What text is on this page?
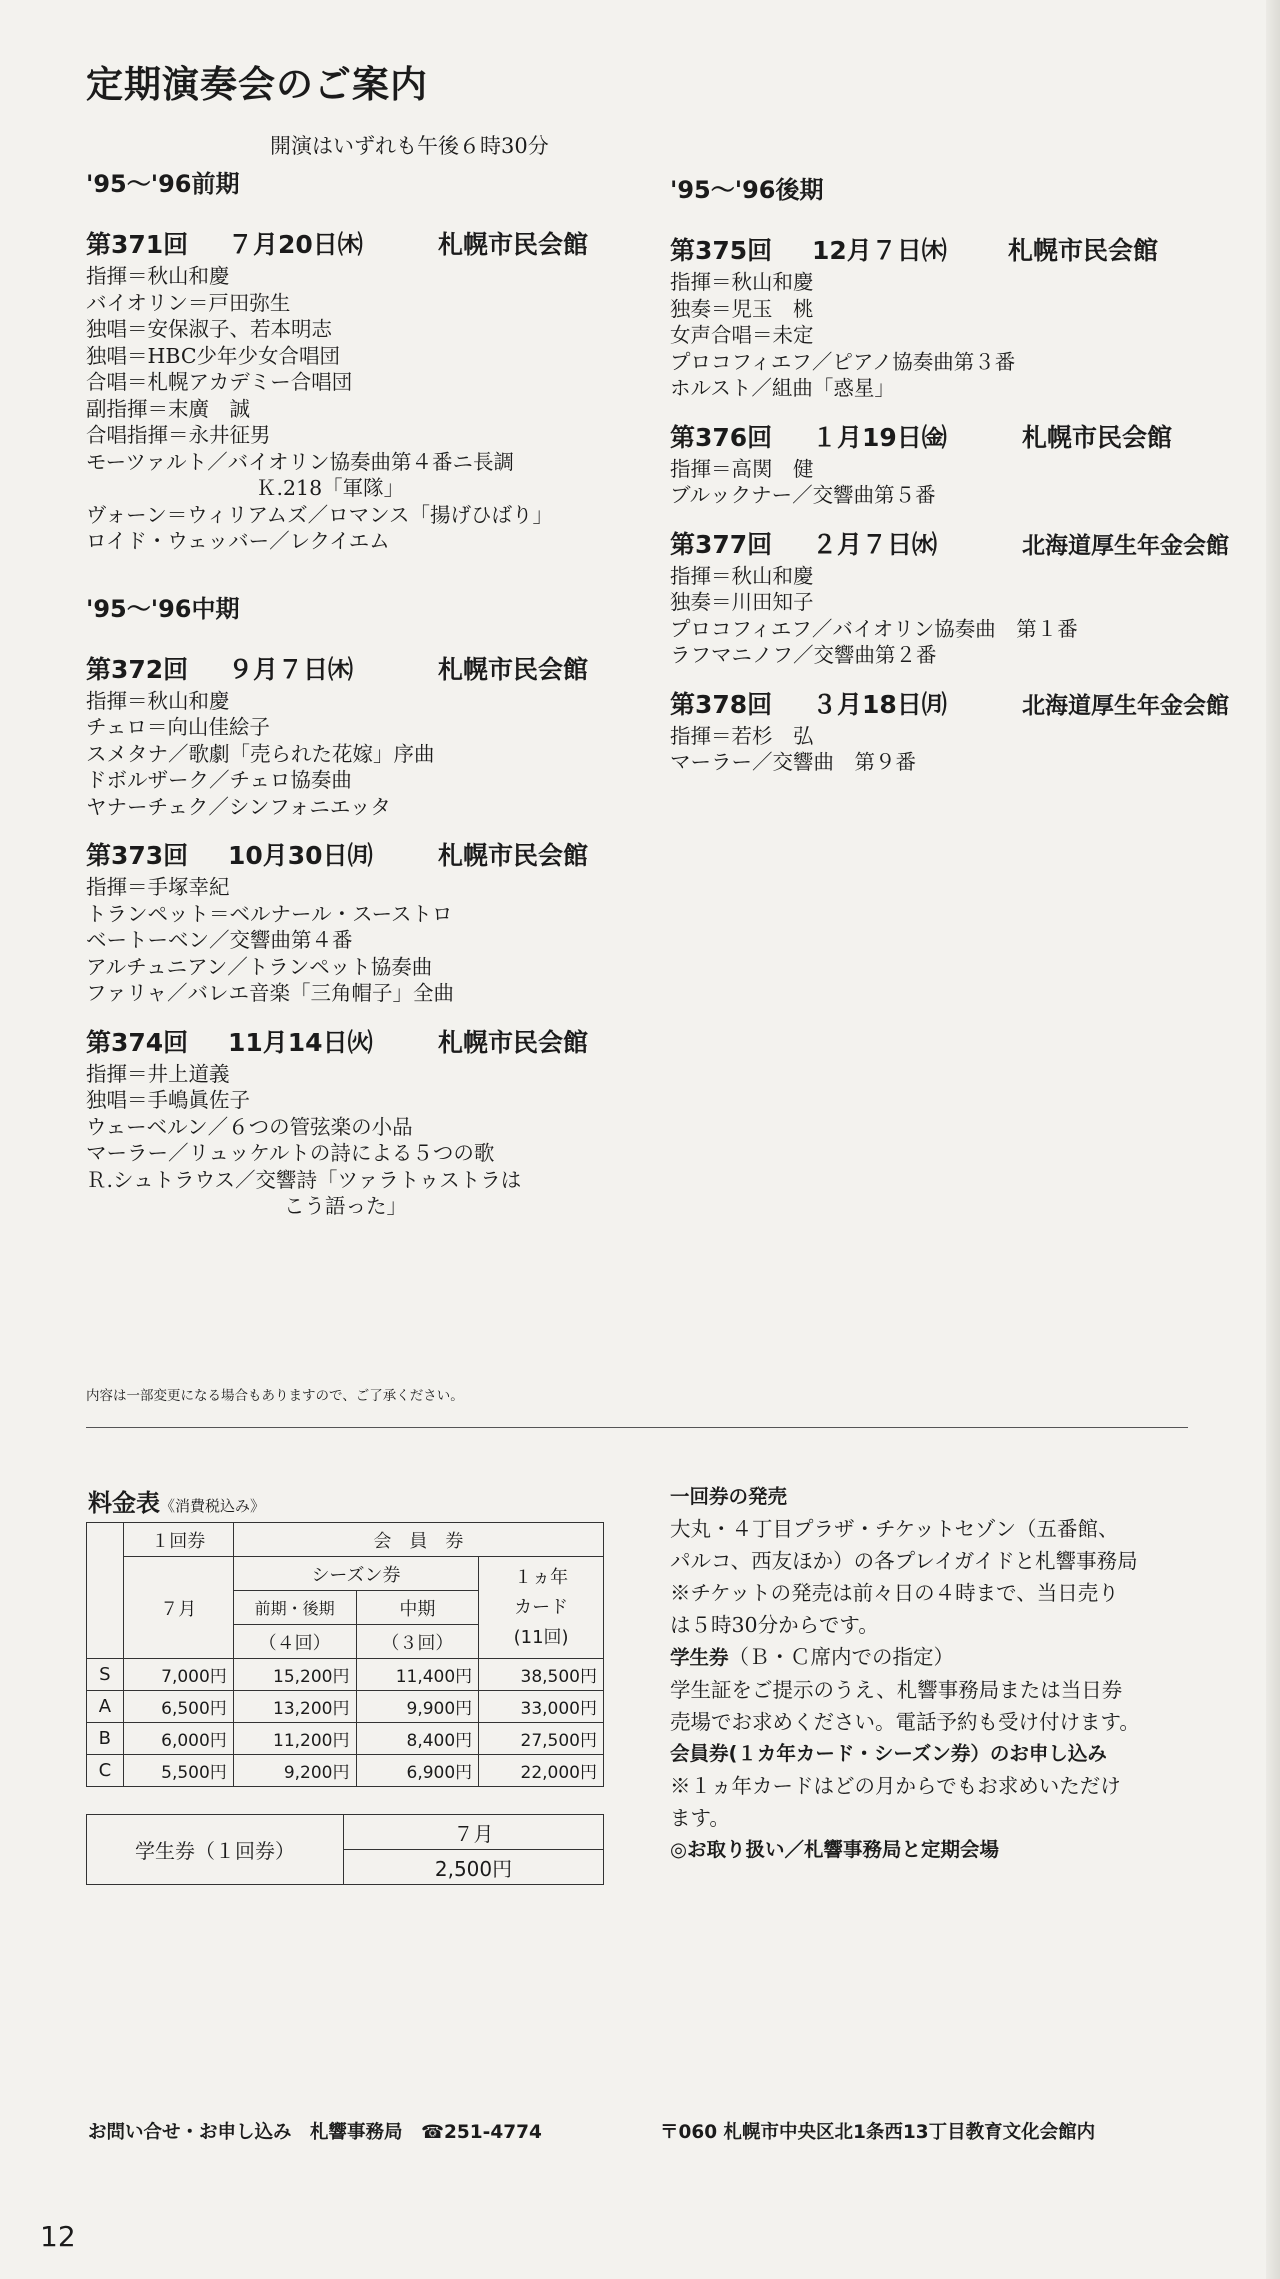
定期演奏会のご案内
開演はいずれも午後６時30分
'95〜'96前期
第371回 ７月20日㈭	札幌市民会館
指揮＝秋山和慶
バイオリン＝戸田弥生
独唱＝安保淑子、若本明志
独唱＝HBC少年少女合唱団
合唱＝札幌アカデミー合唱団
副指揮＝末廣　誠
合唱指揮＝永井征男
モーツァルト／バイオリン協奏曲第４番ニ長調
Ｋ.218「軍隊」
ヴォーン＝ウィリアムズ／ロマンス「揚げひばり」
ロイド・ウェッバー／レクイエム
'95〜'96中期
第372回 ９月７日㈭	札幌市民会館
指揮＝秋山和慶
チェロ＝向山佳絵子
スメタナ／歌劇「売られた花嫁」序曲
ドボルザーク／チェロ協奏曲
ヤナーチェク／シンフォニエッタ
第373回 10月30日㈪	札幌市民会館
指揮＝手塚幸紀
トランペット＝ベルナール・スーストロ
ベートーベン／交響曲第４番
アルチュニアン／トランペット協奏曲
ファリャ／バレエ音楽「三角帽子」全曲
第374回 11月14日㈫	札幌市民会館
指揮＝井上道義
独唱＝手嶋眞佐子
ウェーベルン／６つの管弦楽の小品
マーラー／リュッケルトの詩による５つの歌
Ｒ.シュトラウス／交響詩「ツァラトゥストラは
こう語った」
'95〜'96後期
第375回 12月７日㈭ 札幌市民会館
指揮＝秋山和慶
独奏＝児玉　桃
女声合唱＝未定
プロコフィエフ／ピアノ協奏曲第３番
ホルスト／組曲「惑星」
第376回 １月19日㈮	札幌市民会館
指揮＝高関　健
ブルックナー／交響曲第５番
第377回 ２月７日㈬	北海道厚生年金会館
指揮＝秋山和慶
独奏＝川田知子
プロコフィエフ／バイオリン協奏曲　第１番
ラフマニノフ／交響曲第２番
第378回 ３月18日㈪	北海道厚生年金会館
指揮＝若杉　弘
マーラー／交響曲　第９番
内容は一部変更になる場合もありますので、ご了承ください。
料金表《消費税込み》
	１回券	会　員　券		
	７月	シーズン券		１ヵ年
カード
(11回)

		前期・後期	中期	
		（４回）	（３回）	
S	7,000円	15,200円	11,400円	38,500円
A	6,500円	13,200円	9,900円	33,000円
B	6,000円	11,200円	8,400円	27,500円
C	5,500円	9,200円	6,900円	22,000円
学生券（１回券）	７月
2,500円
一回券の発売
大丸・４丁目プラザ・チケットセゾン（五番館、
パルコ、西友ほか）の各プレイガイドと札響事務局
※チケットの発売は前々日の４時まで、当日売り
は５時30分からです。
学生券（Ｂ・Ｃ席内での指定）
学生証をご提示のうえ、札響事務局または当日券
売場でお求めください。電話予約も受け付けます。
会員券(１カ年カード・シーズン券）のお申し込み
※１ヵ年カードはどの月からでもお求めいただけ
ます。
◎お取り扱い／札響事務局と定期会場
お問い合せ・お申し込み　札響事務局　☎251-4774	〒060 札幌市中央区北1条西13丁目教育文化会館内
12
